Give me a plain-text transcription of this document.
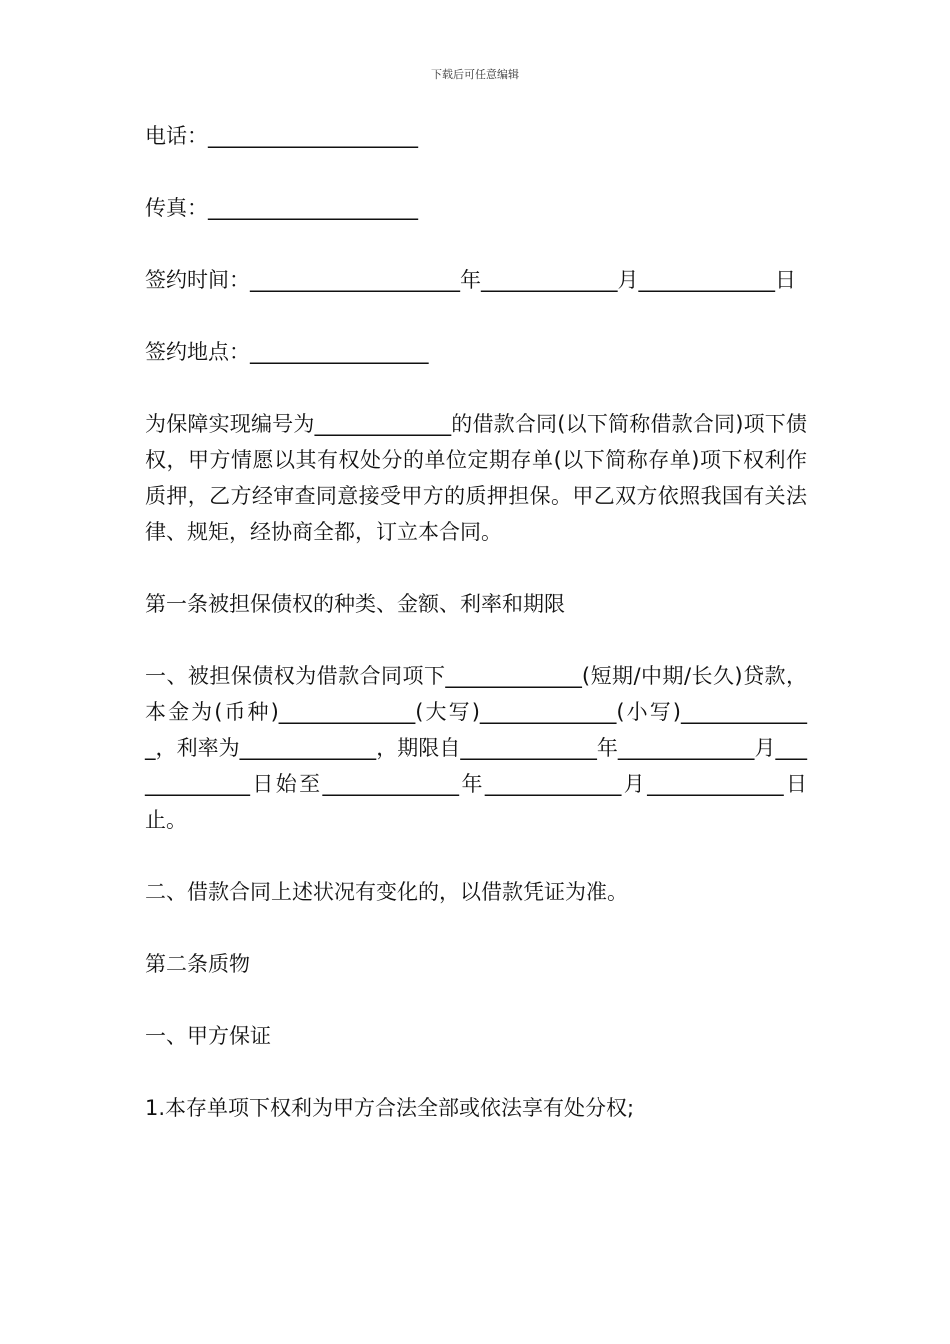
下载后可任意编辑

电话：____________________

传真：____________________

签约时间：____________________年_____________月_____________日

签约地点：_________________

为保障实现编号为_____________的借款合同(以下简称借款合同)项下债权，甲方情愿以其有权处分的单位定期存单(以下简称存单)项下权利作质押，乙方经审查同意接受甲方的质押担保。甲乙双方依照我国有关法律、规矩，经协商全都，订立本合同。

第一条被担保债权的种类、金额、利率和期限

一、被担保债权为借款合同项下_____________(短期/中期/长久)贷款，本金为(币种)_____________(大写)_____________(小写)_____________，利率为_____________，期限自_____________年_____________月_____________日始至_____________年_____________月_____________日止。

二、借款合同上述状况有变化的，以借款凭证为准。

第二条质物

一、甲方保证

1.本存单项下权利为甲方合法全部或依法享有处分权;
